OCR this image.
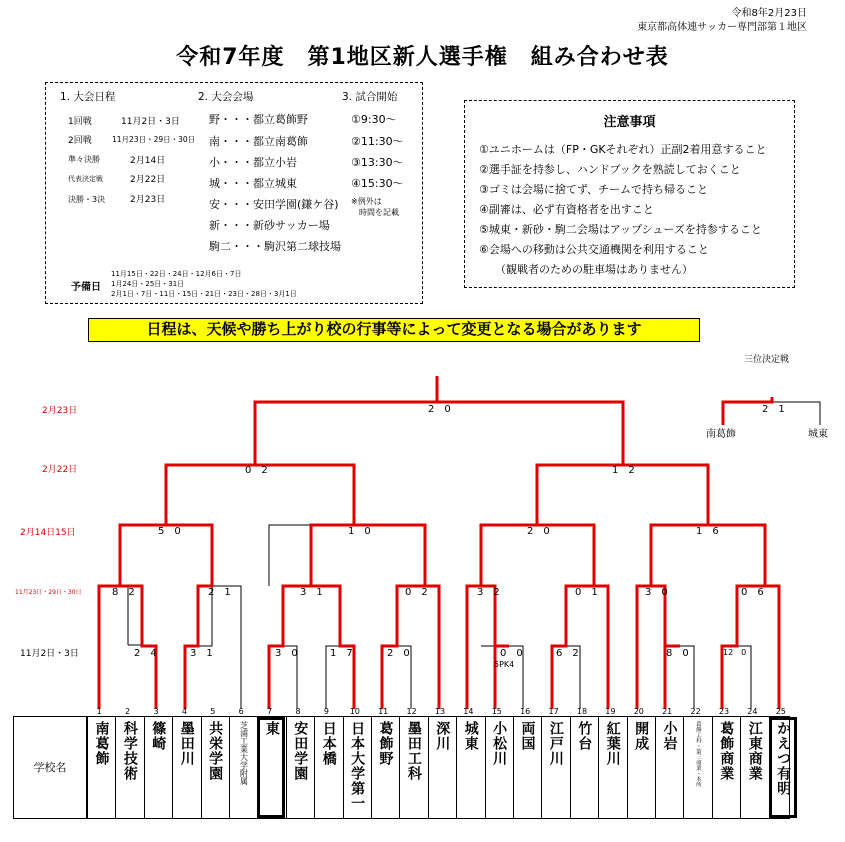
令和8年2月23日
東京都高体連サッカー専門部第１地区
令和7年度　第1地区新人選手権　組み合わせ表
1. 大会日程
1回戦	11月2日・3日
2回戦	11月23日・29日・30日
準々決勝	2月14日
代表決定戦	2月22日
決勝・3決	2月23日
予備日
11月15日・22日・24日・12月6日・7日
1月24日・25日・31日
2月1日・7日・11日・15日・21日・23日・28日・3月1日
2. 大会会場
野・・・都立葛飾野
南・・・都立南葛飾
小・・・都立小岩
城・・・都立城東
安・・・安田学園(鎌ケ谷)
新・・・新砂サッカー場
駒二・・・駒沢第二球技場
3. 試合開始
①9:30～
②11:30～
③13:30～
④15:30～
※例外は
時間を記載
注意事項
①ユニホームは（FP・GKそれぞれ）正副2着用意すること
②選手証を持参し、ハンドブックを熟読しておくこと
③ゴミは会場に捨てず、チームで持ち帰ること
④副審は、必ず有資格者を出すこと
⑤城東・新砂・駒二会場はアップシューズを持参すること
⑥会場への移動は公共交通機関を利用すること
（観戦者のための駐車場はありません）
日程は、天候や勝ち上がり校の行事等によって変更となる場合があります
2月23日
2月22日
2月14日15日
11月23日・29日・30日
11月2日・3日
三位決定戦
2　1
南葛飾	城東
2　0
0　2	1　2
5　0	1　0	2　0	1　6
8　2	2　1	3　1	0　2	3　2	0　1	3　0	0　6
2　4	3　1	3　0	1　7	2　0	0　0
5PK4
6　2	8　0	12　0
1	2	3	4	5	6	7	8	9	10 11 12 13 14 15 16 17 18 19 20 21 22 23 24 25
学校名
南葛飾 科学技術 篠崎 墨田川 共栄学園	芝浦工業大学附属	東 安田学園 日本橋 日本大学第一 葛飾野 墨田工科 深川 城東 小松川 両国 江戸川 竹台 紅葉川 開成 小岩	葛飾工科・第三商業・本所	葛飾商業 江東商業 かえつ有明
